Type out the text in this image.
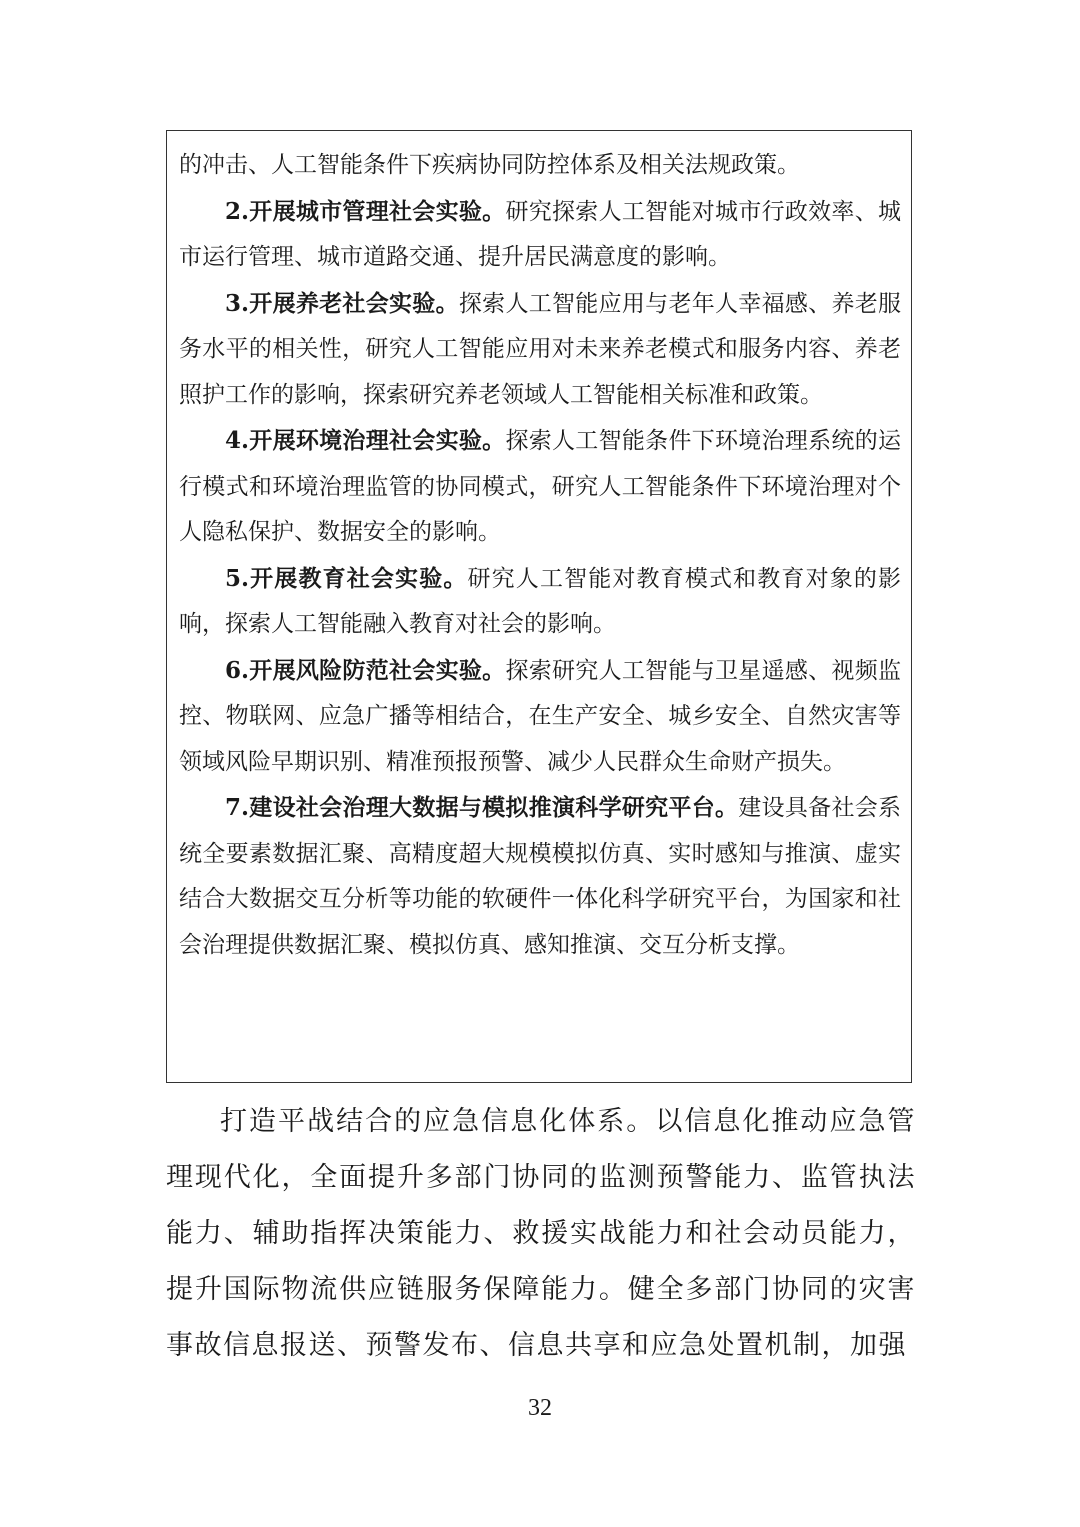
的冲击、人工智能条件下疾病协同防控体系及相关法规政策。

2.开展城市管理社会实验。研究探索人工智能对城市行政效率、城市运行管理、城市道路交通、提升居民满意度的影响。

3.开展养老社会实验。探索人工智能应用与老年人幸福感、养老服务水平的相关性，研究人工智能应用对未来养老模式和服务内容、养老照护工作的影响，探索研究养老领域人工智能相关标准和政策。

4.开展环境治理社会实验。探索人工智能条件下环境治理系统的运行模式和环境治理监管的协同模式，研究人工智能条件下环境治理对个人隐私保护、数据安全的影响。

5.开展教育社会实验。研究人工智能对教育模式和教育对象的影响，探索人工智能融入教育对社会的影响。

6.开展风险防范社会实验。探索研究人工智能与卫星遥感、视频监控、物联网、应急广播等相结合，在生产安全、城乡安全、自然灾害等领域风险早期识别、精准预报预警、减少人民群众生命财产损失。

7.建设社会治理大数据与模拟推演科学研究平台。建设具备社会系统全要素数据汇聚、高精度超大规模模拟仿真、实时感知与推演、虚实结合大数据交互分析等功能的软硬件一体化科学研究平台，为国家和社会治理提供数据汇聚、模拟仿真、感知推演、交互分析支撑。

打造平战结合的应急信息化体系。以信息化推动应急管理现代化，全面提升多部门协同的监测预警能力、监管执法能力、辅助指挥决策能力、救援实战能力和社会动员能力，提升国际物流供应链服务保障能力。健全多部门协同的灾害事故信息报送、预警发布、信息共享和应急处置机制，加强

32
